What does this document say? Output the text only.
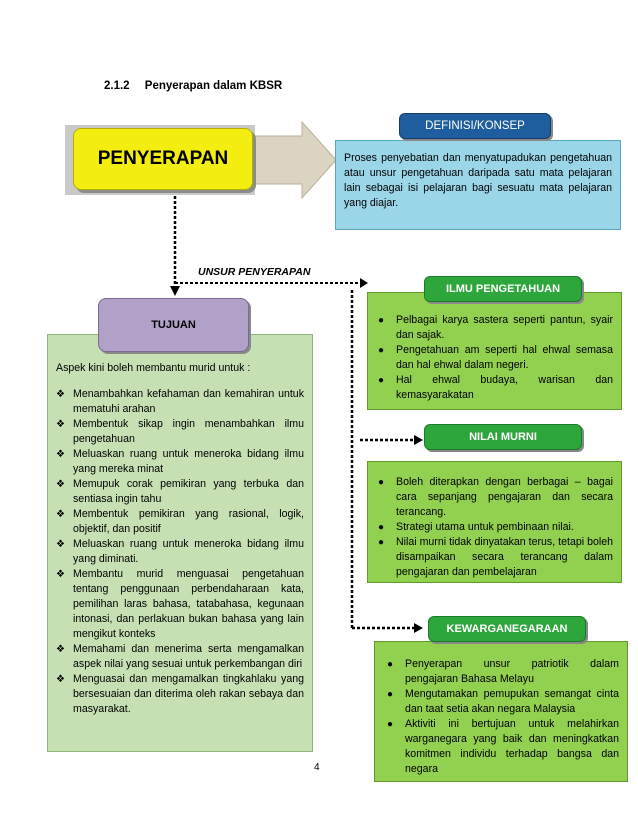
2.1.2 Penyerapan dalam KBSR
PENYERAPAN	Proses penyebatian dan menyatupadukan pengetahuan atau unsur pengetahuan daripada satu mata pelajaran lain sebagai isi pelajaran bagi sesuatu mata pelajaran yang diajar.
DEFINISI/KONSEP
UNSUR PENYERAPAN
Aspek kini boleh membantu murid untuk :
❖ Menambahkan kefahaman dan kemahiran untuk mematuhi arahan
❖ Membentuk sikap ingin menambahkan ilmu pengetahuan
❖ Meluaskan ruang untuk meneroka bidang ilmu yang mereka minat
❖ Memupuk corak pemikiran yang terbuka dan sentiasa ingin tahu
❖ Membentuk pemikiran yang rasional, logik, objektif, dan positif
❖ Meluaskan ruang untuk meneroka bidang ilmu yang diminati.
❖ Membantu murid menguasai pengetahuan tentang penggunaan perbendaharaan kata, pemilihan laras bahasa, tatabahasa, kegunaan intonasi, dan perlakuan bukan bahasa yang lain mengikut konteks
❖ Memahami dan menerima serta mengamalkan aspek nilai yang sesuai untuk perkembangan diri
❖ Menguasai dan mengamalkan tingkahlaku yang bersesuaian dan diterima oleh rakan sebaya dan masyarakat.
TUJUAN	● Pelbagai karya sastera seperti pantun, syair dan sajak.
● Pengetahuan am seperti hal ehwal semasa dan hal ehwal dalam negeri.
● Hal ehwal budaya, warisan dan kemasyarakatan
ILMU PENGETAHUAN
● Boleh diterapkan dengan berbagai – bagai cara sepanjang pengajaran dan secara terancang.
● Strategi utama untuk pembinaan nilai.
● Nilai murni tidak dinyatakan terus, tetapi boleh disampaikan secara terancang dalam pengajaran dan pembelajaran
NILAI MURNI
● Penyerapan unsur patriotik dalam pengajaran Bahasa Melayu
● Mengutamakan pemupukan semangat cinta dan taat setia akan negara Malaysia
● Aktiviti ini bertujuan untuk melahirkan warganegara yang baik dan meningkatkan komitmen individu terhadap bangsa dan negara
KEWARGANEGARAAN
4
